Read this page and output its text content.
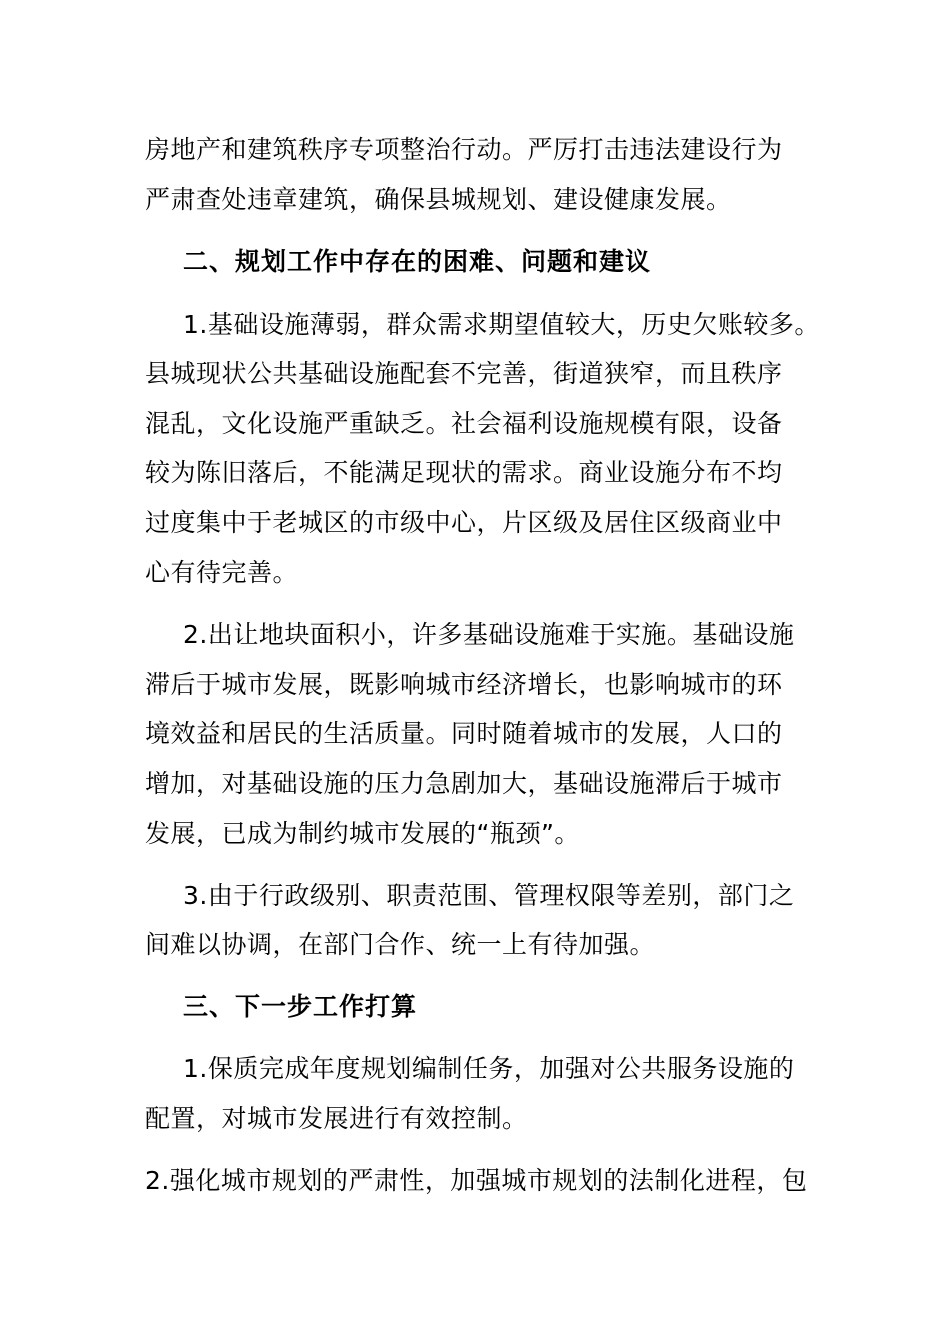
房地产和建筑秩序专项整治行动。严厉打击违法建设行为
严肃查处违章建筑，确保县城规划、建设健康发展。
二、规划工作中存在的困难、问题和建议
1.基础设施薄弱，群众需求期望值较大，历史欠账较多。
县城现状公共基础设施配套不完善，街道狭窄，而且秩序
混乱，文化设施严重缺乏。社会福利设施规模有限，设备
较为陈旧落后，不能满足现状的需求。商业设施分布不均
过度集中于老城区的市级中心，片区级及居住区级商业中
心有待完善。
2.出让地块面积小，许多基础设施难于实施。基础设施
滞后于城市发展，既影响城市经济增长，也影响城市的环
境效益和居民的生活质量。同时随着城市的发展，人口的
增加，对基础设施的压力急剧加大，基础设施滞后于城市
发展，已成为制约城市发展的“瓶颈”。
3.由于行政级别、职责范围、管理权限等差别，部门之
间难以协调，在部门合作、统一上有待加强。
三、下一步工作打算
1.保质完成年度规划编制任务，加强对公共服务设施的
配置，对城市发展进行有效控制。
2.强化城市规划的严肃性，加强城市规划的法制化进程，包
